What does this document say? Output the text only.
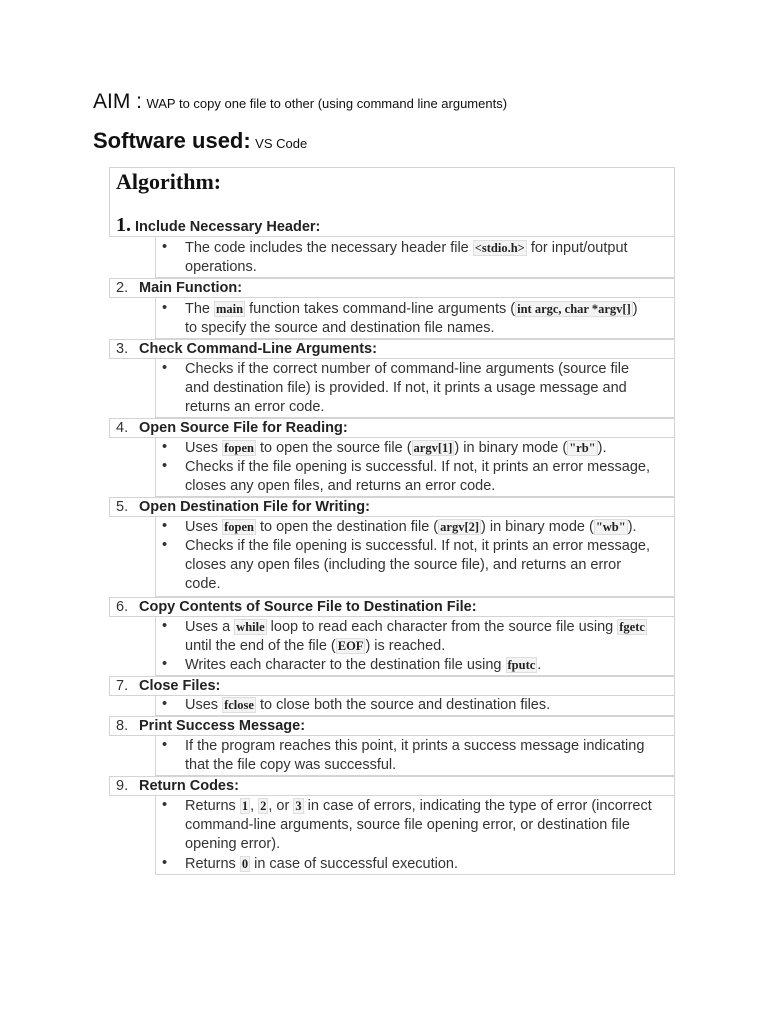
AIM : WAP to copy one file to other (using command line arguments)
Software used: VS Code
Algorithm:
1. Include Necessary Header:
• The code includes the necessary header file <stdio.h> for input/output
operations.
2. Main Function:
• The main function takes command-line arguments ( int argc, char *argv[] )
to specify the source and destination file names.
3. Check Command-Line Arguments:
• Checks if the correct number of command-line arguments (source file
and destination file) is provided. If not, it prints a usage message and
returns an error code.
4. Open Source File for Reading:
• Uses fopen to open the source file ( argv[1] ) in binary mode ( "rb" ).
• Checks if the file opening is successful. If not, it prints an error message,
closes any open files, and returns an error code.
5. Open Destination File for Writing:
• Uses fopen to open the destination file ( argv[2] ) in binary mode ( "wb" ).
• Checks if the file opening is successful. If not, it prints an error message,
closes any open files (including the source file), and returns an error
code.
6. Copy Contents of Source File to Destination File:
• Uses a while loop to read each character from the source file using fgetc
until the end of the file ( EOF ) is reached.
• Writes each character to the destination file using fputc .
7. Close Files:
• Uses fclose to close both the source and destination files.
8. Print Success Message:
• If the program reaches this point, it prints a success message indicating
that the file copy was successful.
9. Return Codes:
• Returns 1 , 2 , or 3 in case of errors, indicating the type of error (incorrect
command-line arguments, source file opening error, or destination file
opening error).
• Returns 0 in case of successful execution.
